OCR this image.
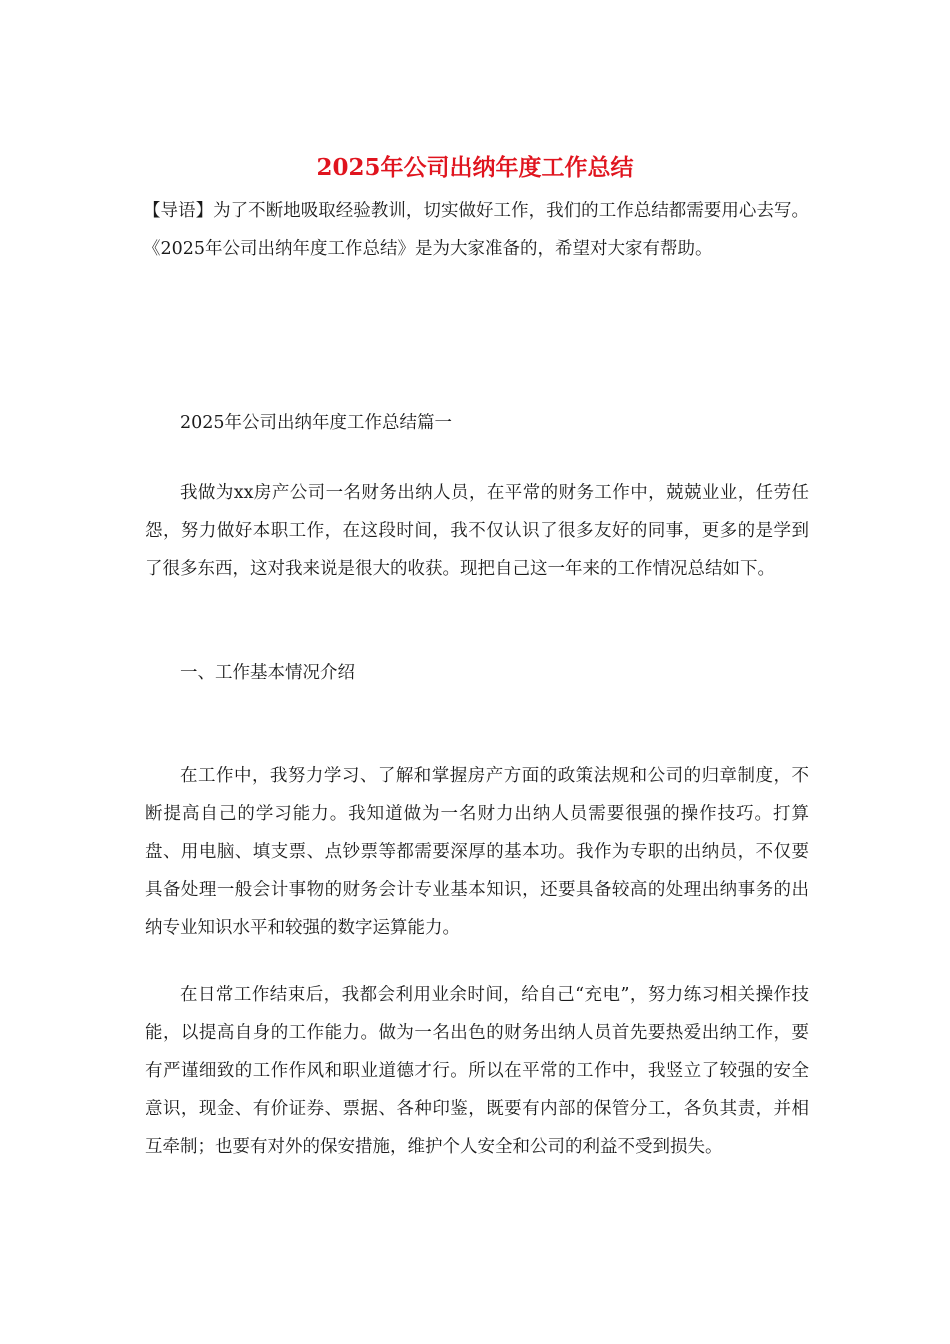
2025年公司出纳年度工作总结

【导语】为了不断地吸取经验教训，切实做好工作，我们的工作总结都需要用心去写。《2025年公司出纳年度工作总结》是为大家准备的，希望对大家有帮助。

2025年公司出纳年度工作总结篇一

我做为xx房产公司一名财务出纳人员，在平常的财务工作中，兢兢业业，任劳任怨，努力做好本职工作，在这段时间，我不仅认识了很多友好的同事，更多的是学到了很多东西，这对我来说是很大的收获。现把自己这一年来的工作情况总结如下。

一、工作基本情况介绍

在工作中，我努力学习、了解和掌握房产方面的政策法规和公司的归章制度，不断提高自己的学习能力。我知道做为一名财力出纳人员需要很强的操作技巧。打算盘、用电脑、填支票、点钞票等都需要深厚的基本功。我作为专职的出纳员，不仅要具备处理一般会计事物的财务会计专业基本知识，还要具备较高的处理出纳事务的出纳专业知识水平和较强的数字运算能力。

在日常工作结束后，我都会利用业余时间，给自己“充电”，努力练习相关操作技能，以提高自身的工作能力。做为一名出色的财务出纳人员首先要热爱出纳工作，要有严谨细致的工作作风和职业道德才行。所以在平常的工作中，我竖立了较强的安全意识，现金、有价证券、票据、各种印鉴，既要有内部的保管分工，各负其责，并相互牵制；也要有对外的保安措施，维护个人安全和公司的利益不受到损失。
